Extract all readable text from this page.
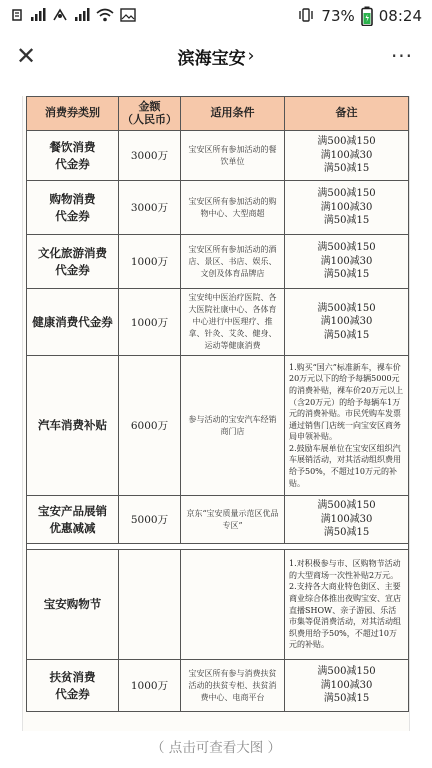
73% 08:24
✕	滨海宝安 ›	···
消费券类别	金额
（人民币）	适用条件	备注
餐饮消费
代金券	3000万	宝安区所有参加活动的餐饮单位	满500减150
满100减30
满50减15
购物消费
代金券	3000万	宝安区所有参加活动的购物中心、大型商超	满500减150
满100减30
满50减15
文化旅游消费
代金券	1000万	宝安区所有参加活动的酒店、景区、书店、娱乐、文创及体育品牌店	满500减150
满100减30
满50减15
健康消费代金券	1000万	宝安纯中医治疗医院、各大医院社康中心、各体育中心进行中医理疗、推拿、针灸、艾灸、健身、运动等健康消费	满500减150
满100减30
满50减15
汽车消费补贴	6000万	参与活动的宝安汽车经销商门店	1.购买“国六”标准新车，裸车价20万元以下的给予每辆5000元的消费补贴，裸车价20万元以上（含20万元）的给予每辆车1万元的消费补贴。市民凭购车发票通过销售门店统一向宝安区商务局申领补贴。
2.鼓励车展单位在宝安区组织汽车展销活动，对其活动组织费用给予50%，不超过10万元的补贴。
宝安产品展销
优惠减减	5000万	京东“宝安质量示范区优品专区”	满500减150
满100减30
满50减15

宝安购物节			1.对积极参与市、区购物节活动的大型商场一次性补贴2万元。
2.支持各大商业特色街区、主要商业综合体推出夜购宝安、宣店直播SHOW、亲子游园、乐活市集等促消费活动，对其活动组织费用给予50%，不超过10万元的补贴。
扶贫消费
代金券	1000万	宝安区所有参与消费扶贫活动的扶贫专柜、扶贫消费中心、电商平台	满500减150
满100减30
满50减15
（ 点击可查看大图 ）
